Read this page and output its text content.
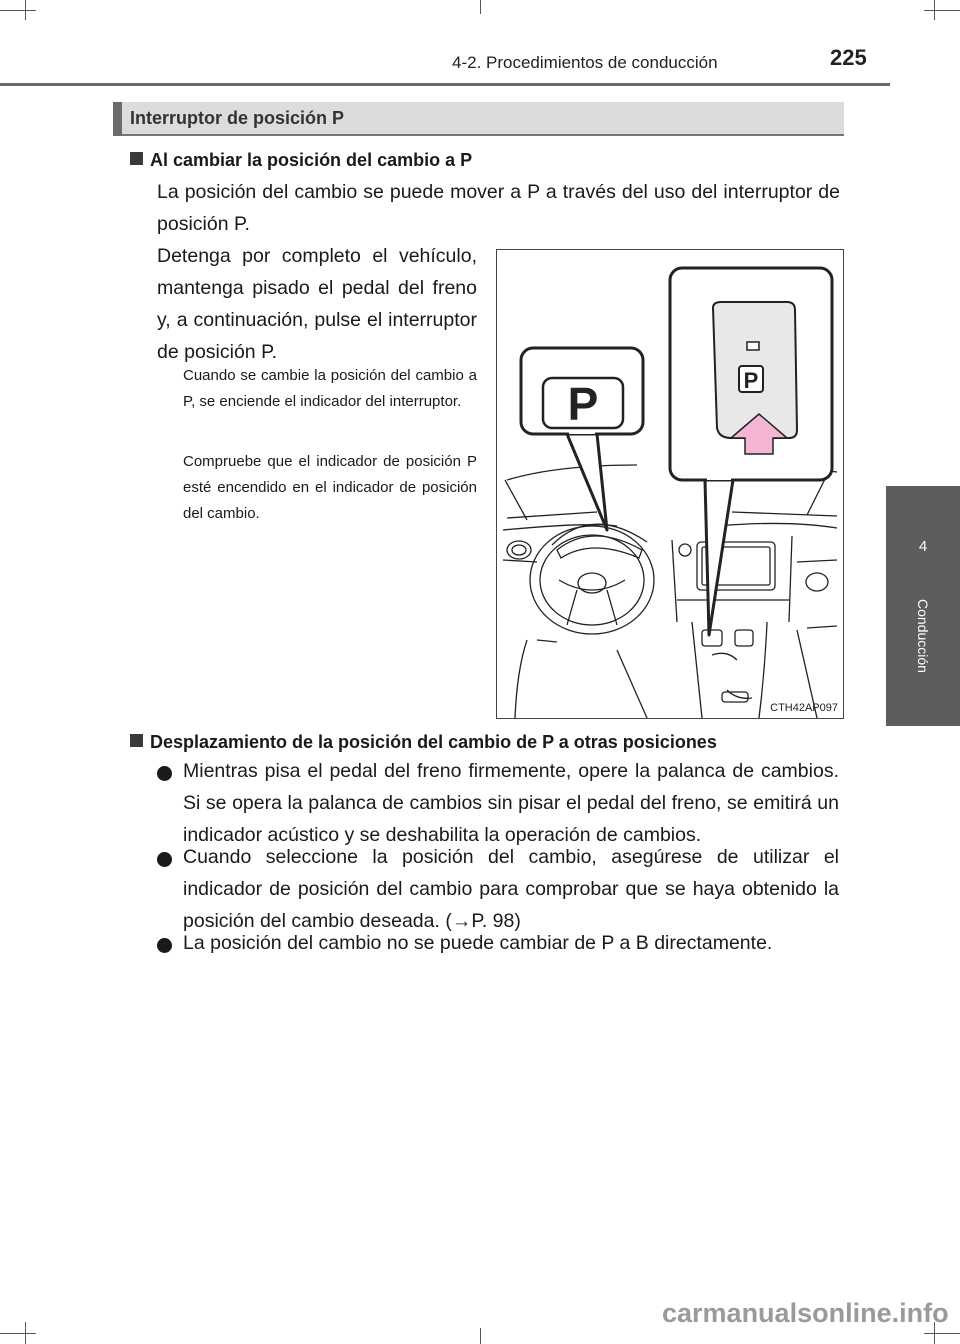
4-2. Procedimientos de conducción	225
4
Conducción
Interruptor de posición P
Al cambiar la posición del cambio a P
La posición del cambio se puede mover a P a través del uso del interruptor de posición P.
Detenga por completo el vehículo, mantenga pisado el pedal del freno y, a continuación, pulse el interruptor de posición P.
Cuando se cambie la posición del cambio a P, se enciende el indicador del interruptor.
Compruebe que el indicador de posición P esté encendido en el indicador de posición del cambio.
P	P
CTH42AP097
Desplazamiento de la posición del cambio de P a otras posiciones
Mientras pisa el pedal del freno firmemente, opere la palanca de cambios. Si se opera la palanca de cambios sin pisar el pedal del freno, se emitirá un indicador acústico y se deshabilita la operación de cambios.
Cuando seleccione la posición del cambio, asegúrese de utilizar el indicador de posición del cambio para comprobar que se haya obtenido la posición del cambio deseada. (→P. 98)
La posición del cambio no se puede cambiar de P a B directamente.
carmanualsonline.info
